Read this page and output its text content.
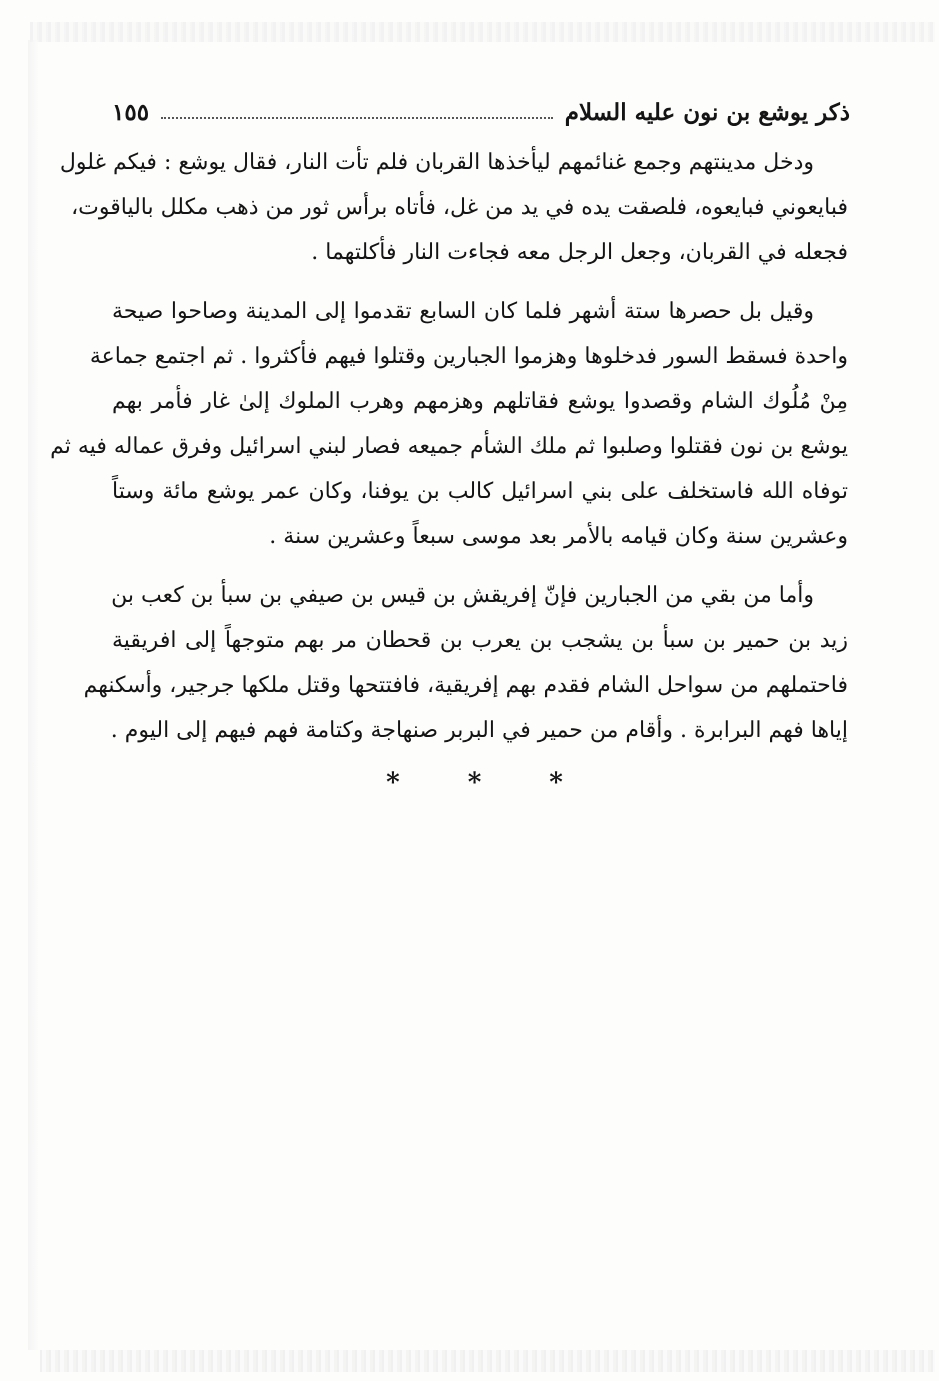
ذكر يوشع بن نون عليه السلام
١٥٥
ودخل مدينتهم وجمع غنائمهم ليأخذها القربان فلم تأت النار، فقال يوشع : فيكم غلول
فبايعوني فبايعوه، فلصقت يده في يد من غل، فأتاه برأس ثور من ذهب مكلل بالياقوت،
فجعله في القربان، وجعل الرجل معه فجاءت النار فأكلتهما .
وقيل بل حصرها ستة أشهر فلما كان السابع تقدموا إلى المدينة وصاحوا صيحة
واحدة فسقط السور فدخلوها وهزموا الجبارين وقتلوا فيهم فأكثروا . ثم اجتمع جماعة
مِنْ مُلُوك الشام وقصدوا يوشع فقاتلهم وهزمهم وهرب الملوك إلىٰ غار فأمر بهم
يوشع بن نون فقتلوا وصلبوا ثم ملك الشأم جميعه فصار لبني اسرائيل وفرق عماله فيه ثم
توفاه الله فاستخلف على بني اسرائيل كالب بن يوفنا، وكان عمر يوشع مائة وستاً
وعشرين سنة وكان قيامه بالأمر بعد موسى سبعاً وعشرين سنة .
وأما من بقي من الجبارين فإنّ إفريقش بن قيس بن صيفي بن سبأ بن كعب بن
زيد بن حمير بن سبأ بن يشجب بن يعرب بن قحطان مر بهم متوجهاً إلى افريقية
فاحتملهم من سواحل الشام فقدم بهم إفريقية، فافتتحها وقتل ملكها جرجير، وأسكنهم
إياها فهم البرابرة . وأقام من حمير في البربر صنهاجة وكتامة فهم فيهم إلى اليوم .
*	*	*
